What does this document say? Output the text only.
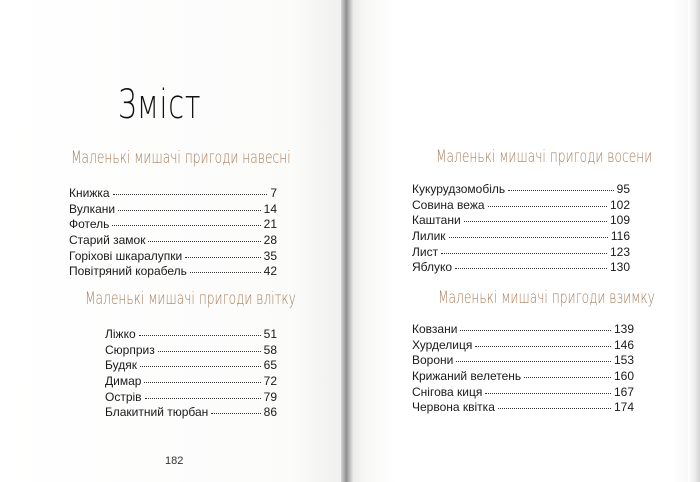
Зміст
Маленькі мишачі пригоди навесні
Книжка	7
Вулкани	14
Фотель	21
Старий замок	28
Горіхові шкаралупки	35
Повітряний корабель	42
Маленькі мишачі пригоди влітку
Ліжко	51
Сюрприз	58
Будяк	65
Димар	72
Острів	79
Блакитний тюрбан	86
182
Маленькі мишачі пригоди восени
Кукурудзомобіль	95
Совина вежа	102
Каштани	109
Лилик	116
Лист	123
Яблуко	130
Маленькі мишачі пригоди взимку
Ковзани	139
Хурделиця	146
Ворони	153
Крижаний велетень	160
Снігова киця	167
Червона квітка	174
